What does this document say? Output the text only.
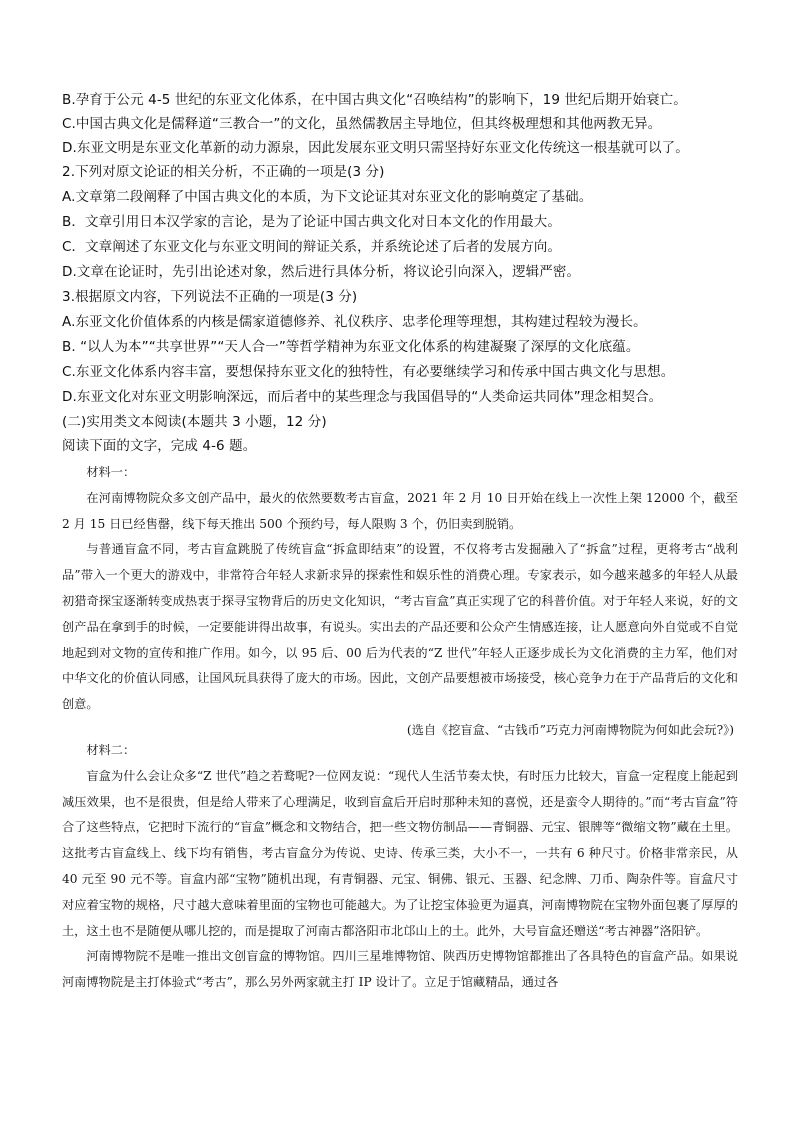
B.孕育于公元 4-5 世纪的东亚文化体系，在中国古典文化“召唤结构”的影响下，19 世纪后期开始衰亡。
C.中国古典文化是儒释道“三教合一”的文化，虽然儒教居主导地位，但其终极理想和其他两教无异。
D.东亚文明是东亚文化革新的动力源泉，因此发展东亚文明只需坚持好东亚文化传统这一根基就可以了。
2.下列对原文论证的相关分析，不正确的一项是(3 分)
A.文章第二段阐释了中国古典文化的本质，为下文论证其对东亚文化的影响奠定了基础。
B．文章引用日本汉学家的言论，是为了论证中国古典文化对日本文化的作用最大。
C．文章阐述了东亚文化与东亚文明间的辩证关系，并系统论述了后者的发展方向。
D.文章在论证时，先引出论述对象，然后进行具体分析，将议论引向深入，逻辑严密。
3.根据原文内容，下列说法不正确的一项是(3 分)
A.东亚文化价值体系的内核是儒家道德修养、礼仪秩序、忠孝伦理等理想，其构建过程较为漫长。
B. “以人为本”“共享世界”“天人合一”等哲学精神为东亚文化体系的构建凝聚了深厚的文化底蕴。
C.东亚文化体系内容丰富，要想保持东亚文化的独特性，有必要继续学习和传承中国古典文化与思想。
D.东亚文化对东亚文明影响深远，而后者中的某些理念与我国倡导的“人类命运共同体”理念相契合。
(二)实用类文本阅读(本题共 3 小题，12 分)
阅读下面的文字，完成 4-6 题。

材料一：

在河南博物院众多文创产品中，最火的依然要数考古盲盒，2021 年 2 月 10 日开始在线上一次性上架 12000 个，截至 2 月 15 日已经售罄，线下每天推出 500 个预约号，每人限购 3 个，仍旧卖到脱销。

与普通盲盒不同，考古盲盒跳脱了传统盲盒“拆盒即结束”的设置，不仅将考古发掘融入了“拆盒”过程，更将考古“战利品”带入一个更大的游戏中，非常符合年轻人求新求异的探索性和娱乐性的消费心理。专家表示，如今越来越多的年轻人从最初猎奇探宝逐渐转变成热衷于探寻宝物背后的历史文化知识，“考古盲盒”真正实现了它的科普价值。对于年轻人来说，好的文创产品在拿到手的时候，一定要能讲得出故事，有说头。实出去的产品还要和公众产生情感连接，让人愿意向外自觉或不自觉地起到对文物的宣传和推广作用。如今，以 95 后、00 后为代表的“Z 世代”年轻人正逐步成长为文化消费的主力军，他们对中华文化的价值认同感，让国风玩具获得了庞大的市场。因此，文创产品要想被市场接受，核心竞争力在于产品背后的文化和创意。

(选自《挖盲盒、“古钱币”巧克力河南博物院为何如此会玩?》)

材料二：

盲盒为什么会让众多“Z 世代”趋之若鹜呢?一位网友说：“现代人生活节奏太快，有时压力比较大，盲盒一定程度上能起到减压效果，也不是很贵，但是给人带来了心理满足，收到盲盒后开启时那种未知的喜悦，还是蛮令人期待的。”而“考古盲盒”符合了这些特点，它把时下流行的“盲盒”概念和文物结合，把一些文物仿制品——青铜器、元宝、银牌等“微缩文物”藏在土里。这批考古盲盒线上、线下均有销售，考古盲盒分为传说、史诗、传承三类，大小不一，一共有 6 种尺寸。价格非常亲民，从 40 元至 90 元不等。盲盒内部“宝物”随机出现，有青铜器、元宝、铜佛、银元、玉器、纪念牌、刀币、陶杂件等。盲盒尺寸对应着宝物的规格，尺寸越大意味着里面的宝物也可能越大。为了让挖宝体验更为逼真，河南博物院在宝物外面包裹了厚厚的土，这土也不是随便从哪儿挖的，而是提取了河南古都洛阳市北邙山上的土。此外，大号盲盒还赠送“考古神器”洛阳铲。

河南博物院不是唯一推出文创盲盒的博物馆。四川三星堆博物馆、陕西历史博物馆都推出了各具特色的盲盒产品。如果说河南博物院是主打体验式“考古”，那么另外两家就主打 IP 设计了。立足于馆藏精品，通过各
